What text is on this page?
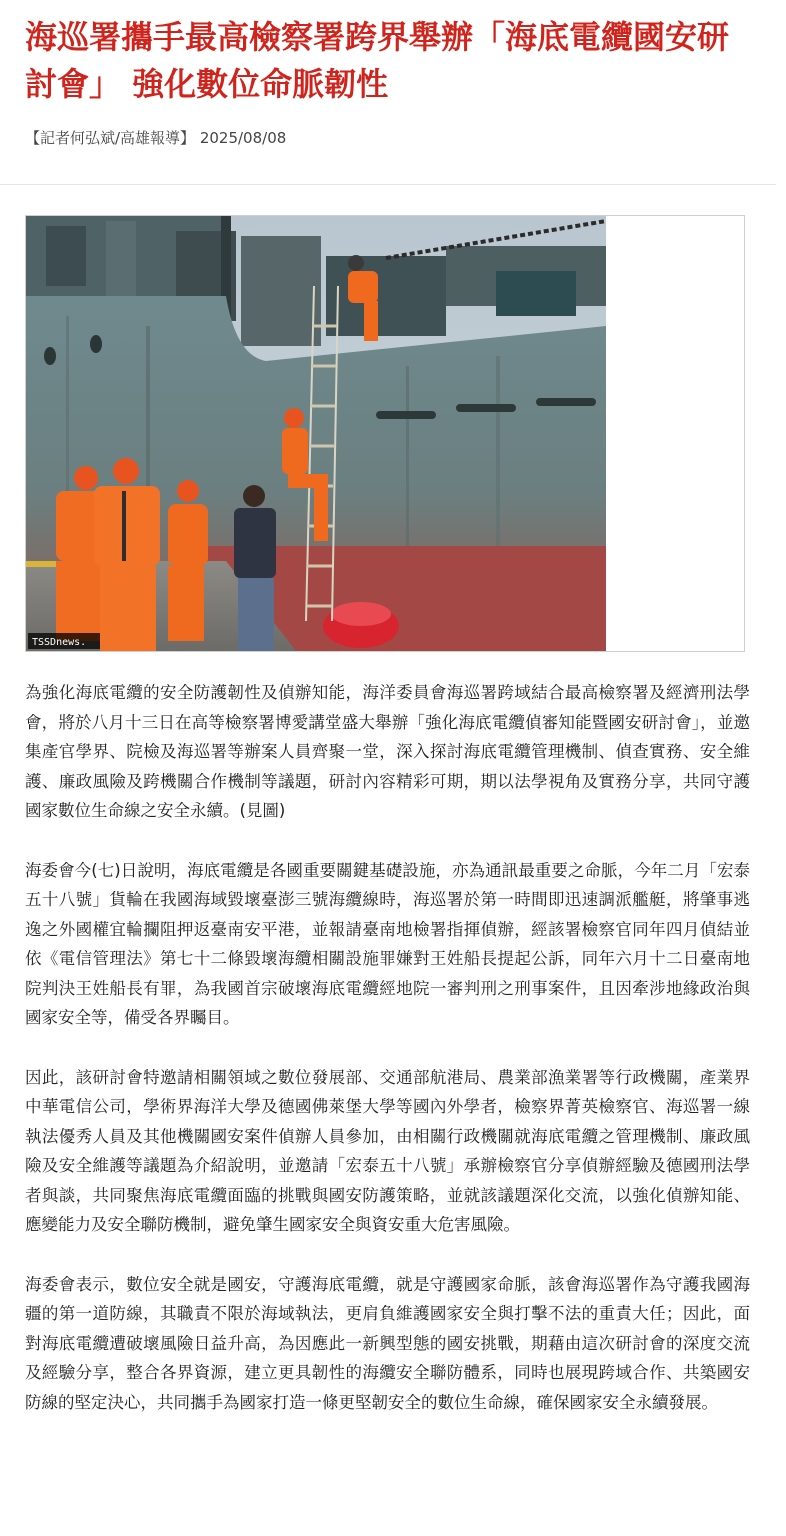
海巡署攜手最高檢察署跨界舉辦「海底電纜國安研討會」 強化數位命脈韌性
【記者何弘斌/高雄報導】 2025/08/08
TSSDnews.

為強化海底電纜的安全防護韌性及偵辦知能，海洋委員會海巡署跨域結合最高檢察署及經濟刑法學會，將於八月十三日在高等檢察署博愛講堂盛大舉辦「強化海底電纜偵審知能暨國安研討會」，並邀集產官學界、院檢及海巡署等辦案人員齊聚一堂，深入探討海底電纜管理機制、偵查實務、安全維護、廉政風險及跨機關合作機制等議題，研討內容精彩可期，期以法學視角及實務分享，共同守護國家數位生命線之安全永續。(見圖)

海委會今(七)日說明，海底電纜是各國重要關鍵基礎設施，亦為通訊最重要之命脈，今年二月「宏泰五十八號」貨輪在我國海域毀壞臺澎三號海纜線時，海巡署於第一時間即迅速調派艦艇，將肇事逃逸之外國權宜輪攔阻押返臺南安平港，並報請臺南地檢署指揮偵辦，經該署檢察官同年四月偵結並依《電信管理法》第七十二條毀壞海纜相關設施罪嫌對王姓船長提起公訴，同年六月十二日臺南地院判決王姓船長有罪，為我國首宗破壞海底電纜經地院一審判刑之刑事案件，且因牽涉地緣政治與國家安全等，備受各界矚目。

因此，該研討會特邀請相關領域之數位發展部、交通部航港局、農業部漁業署等行政機關，產業界中華電信公司，學術界海洋大學及德國佛萊堡大學等國內外學者，檢察界菁英檢察官、海巡署一線執法優秀人員及其他機關國安案件偵辦人員參加，由相關行政機關就海底電纜之管理機制、廉政風險及安全維護等議題為介紹說明，並邀請「宏泰五十八號」承辦檢察官分享偵辦經驗及德國刑法學者與談，共同聚焦海底電纜面臨的挑戰與國安防護策略，並就該議題深化交流，以強化偵辦知能、應變能力及安全聯防機制，避免肇生國家安全與資安重大危害風險。

海委會表示，數位安全就是國安，守護海底電纜，就是守護國家命脈，該會海巡署作為守護我國海疆的第一道防線，其職責不限於海域執法，更肩負維護國家安全與打擊不法的重責大任；因此，面對海底電纜遭破壞風險日益升高，為因應此一新興型態的國安挑戰，期藉由這次研討會的深度交流及經驗分享，整合各界資源，建立更具韌性的海纜安全聯防體系，同時也展現跨域合作、共築國安防線的堅定決心，共同攜手為國家打造一條更堅韌安全的數位生命線，確保國家安全永續發展。
